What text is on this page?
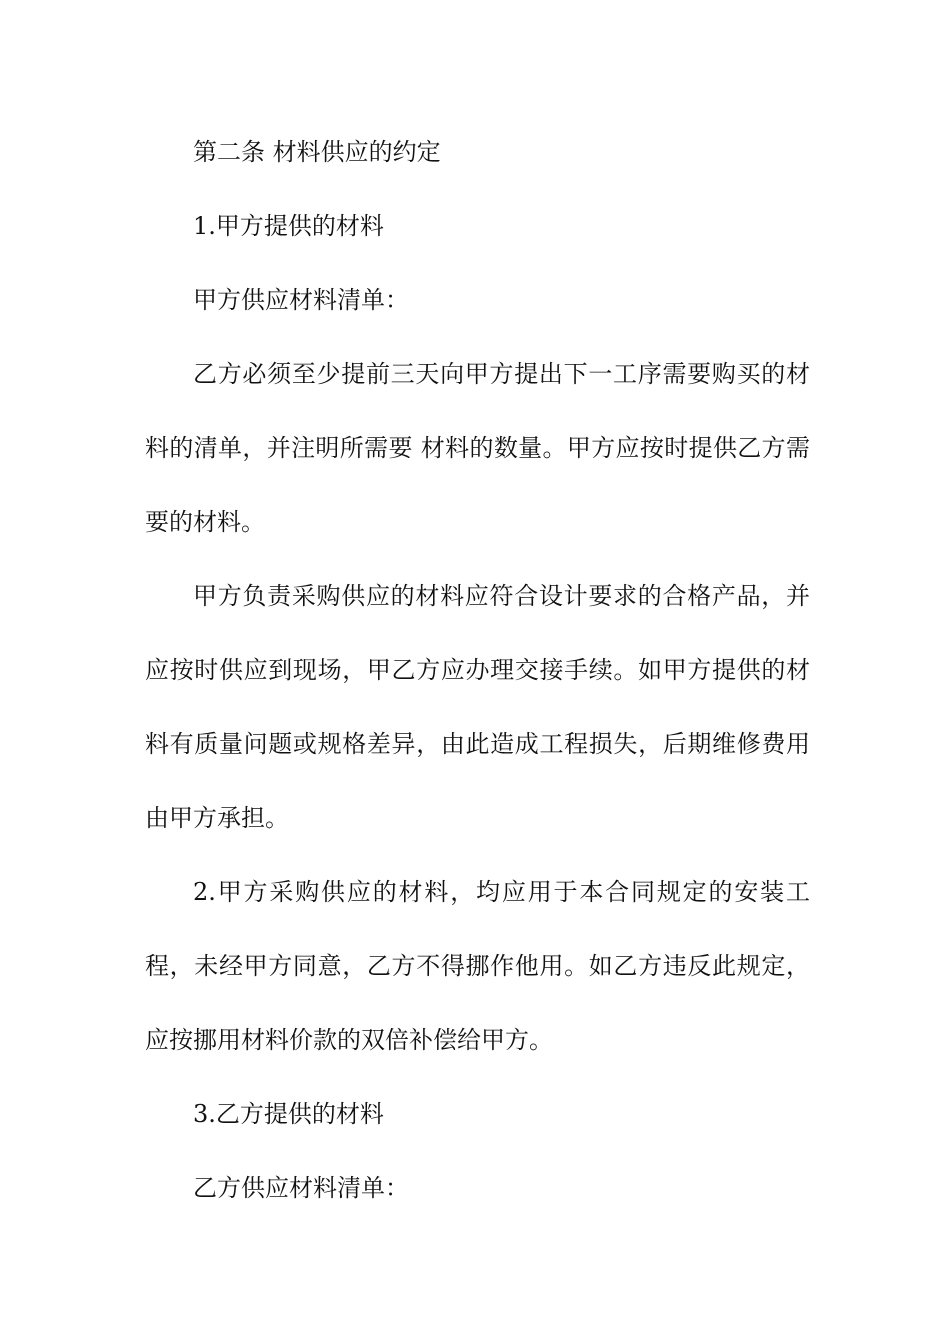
第二条 材料供应的约定

1.甲方提供的材料

甲方供应材料清单：

乙方必须至少提前三天向甲方提出下一工序需要购买的材料的清单，并注明所需要 材料的数量。甲方应按时提供乙方需要的材料。

甲方负责采购供应的材料应符合设计要求的合格产品，并应按时供应到现场，甲乙方应办理交接手续。如甲方提供的材料有质量问题或规格差异，由此造成工程损失，后期维修费用由甲方承担。

2.甲方采购供应的材料，均应用于本合同规定的安装工程，未经甲方同意，乙方不得挪作他用。如乙方违反此规定，应按挪用材料价款的双倍补偿给甲方。

3.乙方提供的材料

乙方供应材料清单：
